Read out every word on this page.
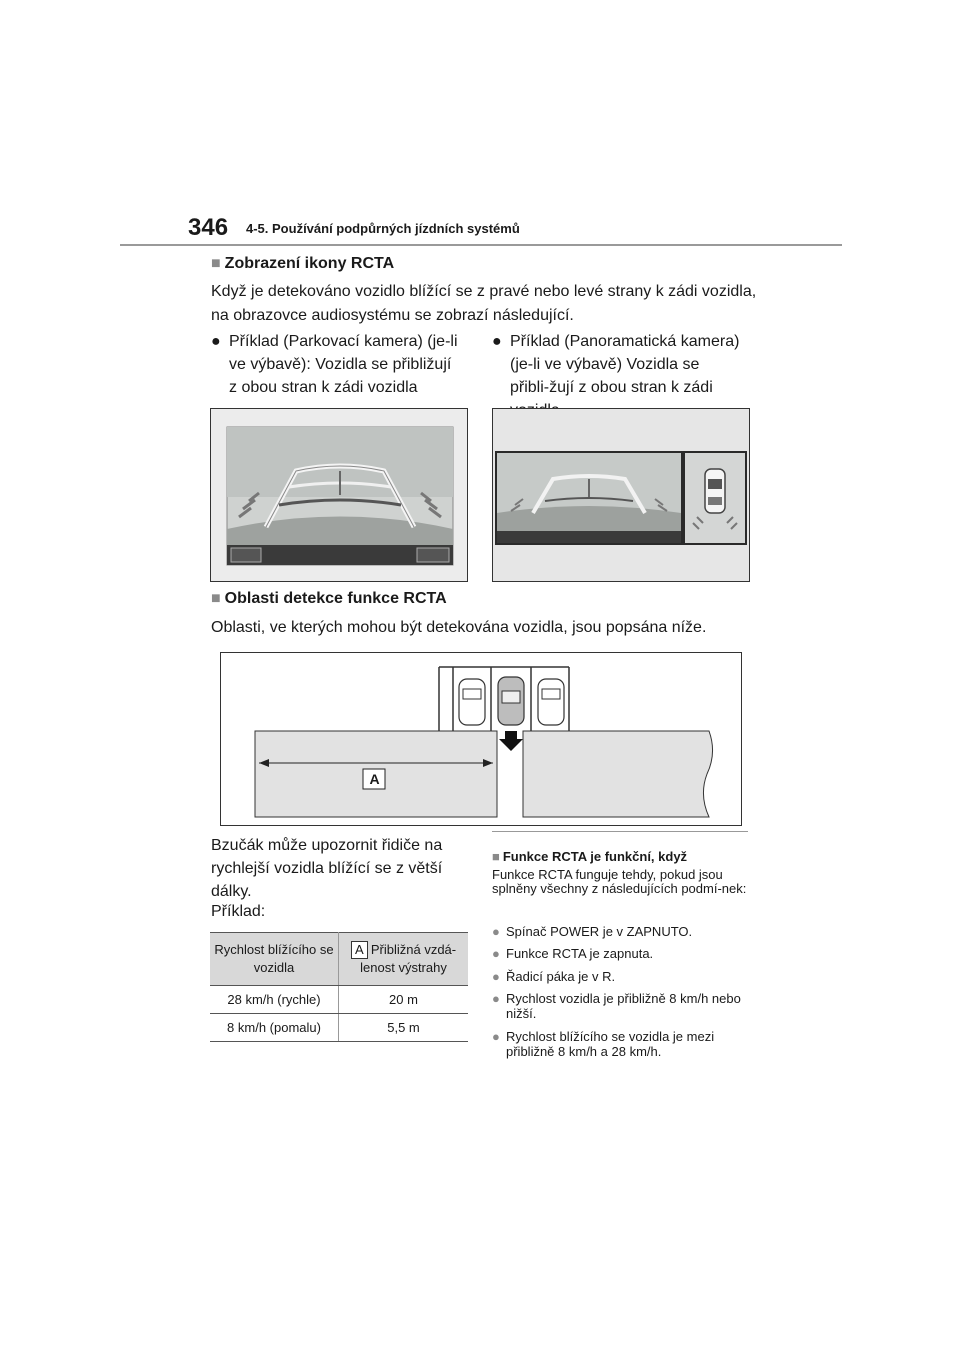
346 4-5. Používání podpůrných jízdních systémů
■ Zobrazení ikony RCTA
Když je detekováno vozidlo blížící se z pravé nebo levé strany k zádi vozidla, na obrazovce audiosystému se zobrazí následující.
● Příklad (Parkovací kamera) (je-li ve výbavě): Vozidla se přibližují z obou stran k zádi vozidla
● Příklad (Panoramatická kamera) (je-li ve výbavě) Vozidla se přibli-žují z obou stran k zádi
■ Oblasti detekce funkce RCTA
Oblasti, ve kterých mohou být detekována vozidla, jsou popsána níže.
A
Bzučák může upozornit řidiče na rychlejší vozidla blížící se z větší dálky.
Příklad:
Rychlost blížícího se vozidla	A Přibližná vzdá-lenost výstrahy
28 km/h (rychle)	20 m
8 km/h (pomalu)	5,5 m
■ Funkce RCTA je funkční, když
Funkce RCTA funguje tehdy, pokud jsou splněny všechny z následujících podmí-nek:
● Spínač POWER je v ZAPNUTO.
● Funkce RCTA je zapnuta.
● Řadicí páka je v R.
● Rychlost vozidla je přibližně 8 km/h nebo nižší.
● Rychlost blížícího se vozidla je mezi přibližně 8 km/h a 28 km/h.
